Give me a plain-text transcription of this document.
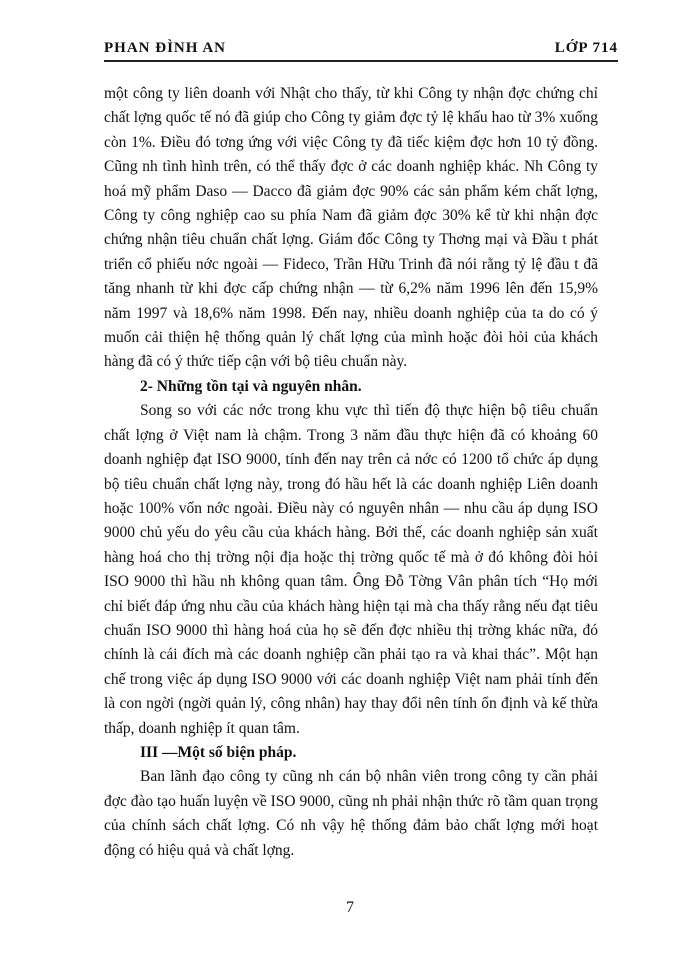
PHAN ĐÌNH AN	LỚP 714

một công ty liên doanh với Nhật cho thấy, từ khi Công ty nhận đợc chứng chỉ chất lợng quốc tế nó đã giúp cho Công ty giảm đợc tỷ lệ khấu hao từ 3% xuống còn 1%. Điều đó tơng ứng với việc Công ty đã tiếc kiệm đợc hơn 10 tỷ đồng. Cũng nh tình hình trên, có thể thấy đợc ở các doanh nghiệp khác. Nh Công ty hoá mỹ phẩm Daso — Dacco đã giảm đợc 90% các sản phẩm kém chất lợng, Công ty công nghiệp cao su phía Nam đã giảm đợc 30% kể từ khi nhận đợc chứng nhận tiêu chuẩn chất lợng. Giám đốc Công ty Thơng mại và Đầu t phát triển cổ phiếu nớc ngoài — Fideco, Trần Hữu Trinh đã nói rằng tỷ lệ đầu t đã tăng nhanh từ khi đợc cấp chứng nhận — từ 6,2% năm 1996 lên đến 15,9% năm 1997 và 18,6% năm 1998. Đến nay, nhiều doanh nghiệp của ta do có ý muốn cải thiện hệ thống quản lý chất lợng của mình hoặc đòi hỏi của khách hàng đã có ý thức tiếp cận với bộ tiêu chuẩn này.

2- Những tồn tại và nguyên nhân.

Song so với các nớc trong khu vực thì tiến độ thực hiện bộ tiêu chuẩn chất lợng ở Việt nam là chậm. Trong 3 năm đầu thực hiện đã có khoảng 60 doanh nghiệp đạt ISO 9000, tính đến nay trên cả nớc có 1200 tổ chức áp dụng bộ tiêu chuẩn chất lợng này, trong đó hầu hết là các doanh nghiệp Liên doanh hoặc 100% vốn nớc ngoài. Điều này có nguyên nhân — nhu cầu áp dụng ISO 9000 chủ yếu do yêu cầu của khách hàng. Bởi thế, các doanh nghiệp sản xuất hàng hoá cho thị trờng nội địa hoặc thị trờng quốc tế mà ở đó không đòi hỏi ISO 9000 thì hầu nh không quan tâm. Ông Đỗ Tờng Vân phân tích “Họ mới chỉ biết đáp ứng nhu cầu của khách hàng hiện tại mà cha thấy rằng nếu đạt tiêu chuẩn ISO 9000 thì hàng hoá của họ sẽ đến đợc nhiều thị trờng khác nữa, đó chính là cái đích mà các doanh nghiệp cần phải tạo ra và khai thác”. Một hạn chế trong việc áp dụng ISO 9000 với các doanh nghiệp Việt nam phải tính đến là con ngời (ngời quản lý, công nhân) hay thay đổi nên tính ổn định và kế thừa thấp, doanh nghiệp ít quan tâm.

III —Một số biện pháp.

Ban lãnh đạo công ty cũng nh cán bộ nhân viên trong công ty cần phải đợc đào tạo huấn luyện về ISO 9000, cũng nh phải nhận thức rõ tầm quan trọng của chính sách chất lợng. Có nh vậy hệ thống đảm bảo chất lợng mới hoạt động có hiệu quả và chất lợng.

7
